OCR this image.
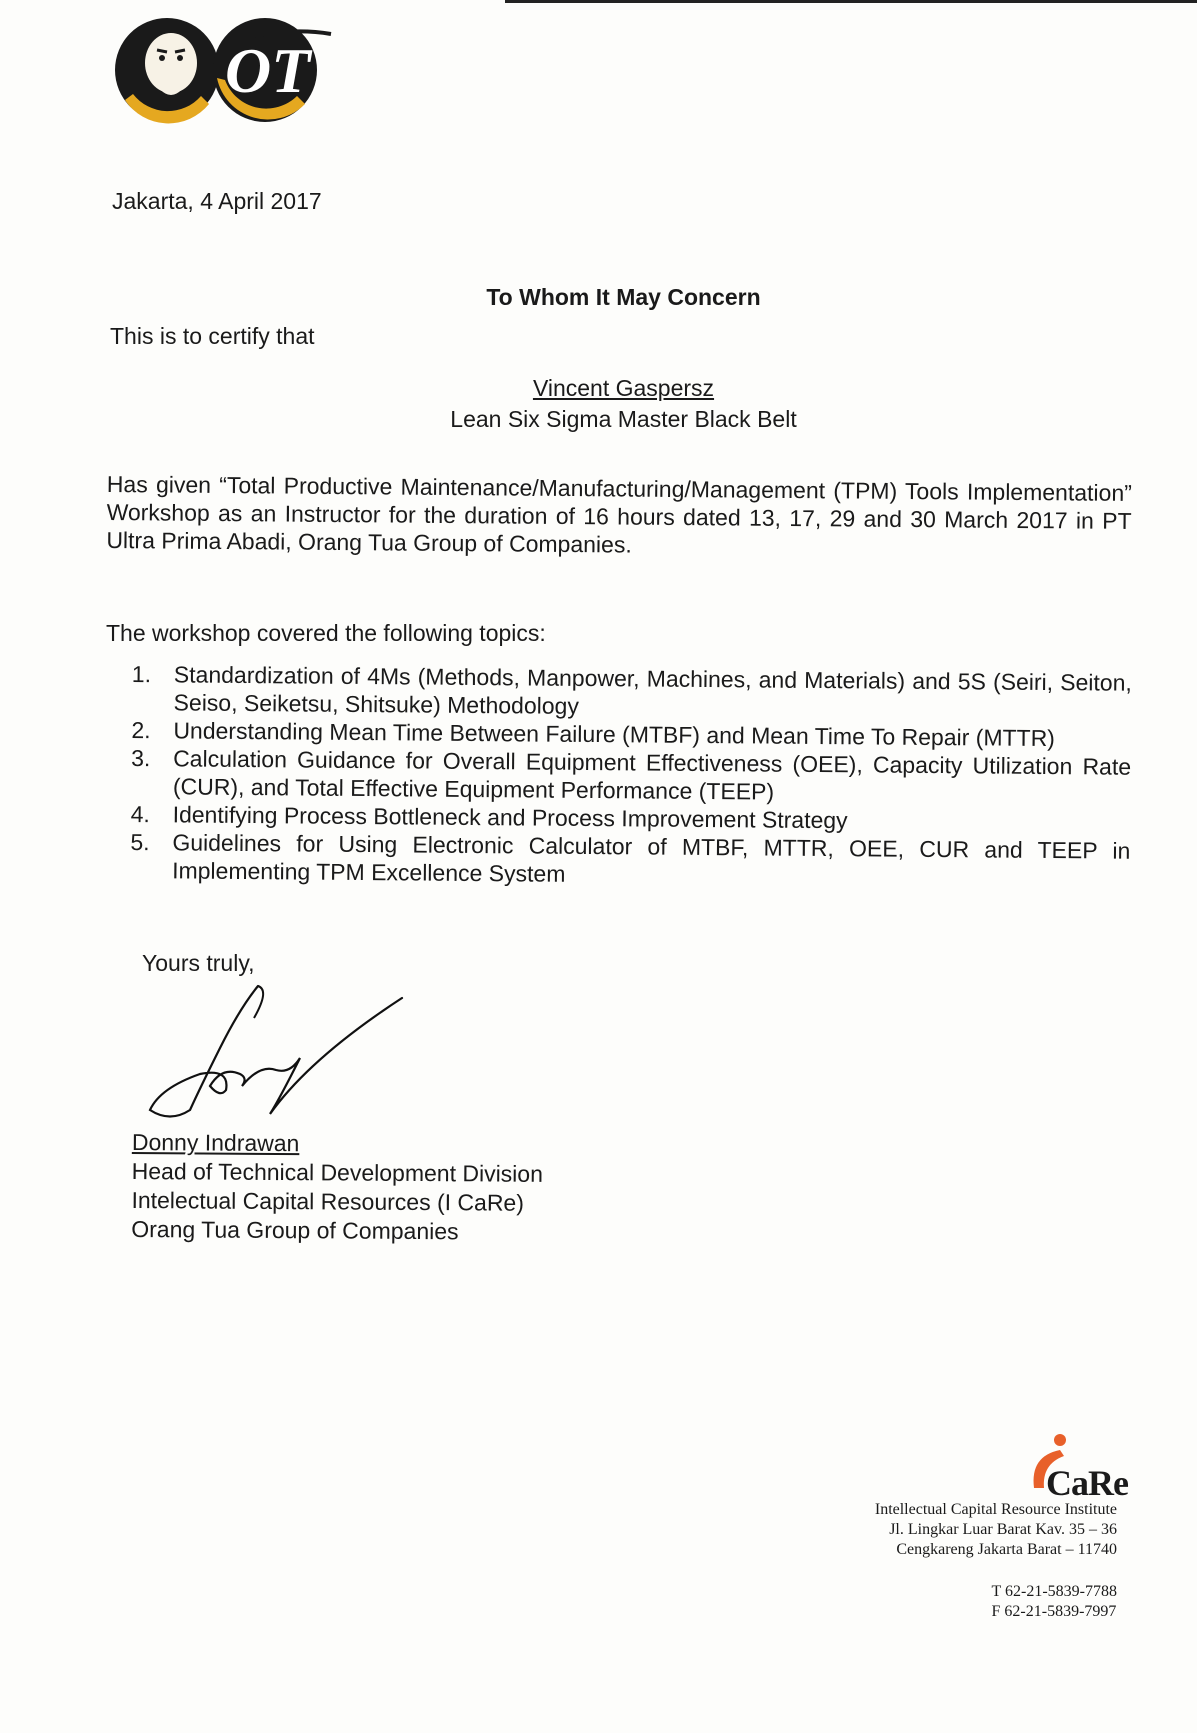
OT
Jakarta, 4 April 2017
To Whom It May Concern
This is to certify that
Vincent Gaspersz
Lean Six Sigma Master Black Belt
Has given “Total Productive Maintenance/Manufacturing/Management (TPM) Tools Implementation” Workshop as an Instructor for the duration of 16 hours dated 13, 17, 29 and 30 March 2017 in PT Ultra Prima Abadi, Orang Tua Group of Companies.
The workshop covered the following topics:
1. Standardization of 4Ms (Methods, Manpower, Machines, and Materials) and 5S (Seiri, Seiton, Seiso, Seiketsu, Shitsuke) Methodology
2. Understanding Mean Time Between Failure (MTBF) and Mean Time To Repair (MTTR)
3. Calculation Guidance for Overall Equipment Effectiveness (OEE), Capacity Utilization Rate (CUR), and Total Effective Equipment Performance (TEEP)
4. Identifying Process Bottleneck and Process Improvement Strategy
5. Guidelines for Using Electronic Calculator of MTBF, MTTR, OEE, CUR and TEEP in Implementing TPM Excellence System
Yours truly,
Donny Indrawan
Head of Technical Development Division
Intelectual Capital Resources (I CaRe)
Orang Tua Group of Companies
CaRe
Intellectual Capital Resource Institute
Jl. Lingkar Luar Barat Kav. 35 – 36
Cengkareng Jakarta Barat – 11740
T 62-21-5839-7788
F 62-21-5839-7997
